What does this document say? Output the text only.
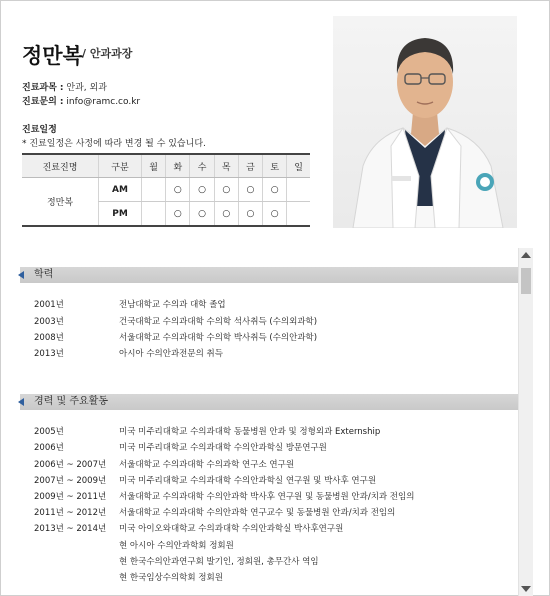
정만복 / 안과과장
진료과목 : 안과, 외과
진료문의 : info@ramc.co.kr
진료일정
* 진료일정은 사정에 따라 변경 될 수 있습니다.
진료진명	구분	월	화	수	목	금	토	일
정만복	AM		○	○	○	○	○	
	PM		○	○	○	○	○	
학력
2001년	전남대학교 수의과 대학 졸업
2003년	건국대학교 수의과대학 수의학 석사취득 (수의외과학)
2008년	서울대학교 수의과대학 수의학 박사취득 (수의안과학)
2013년	아시아 수의안과전문의 취득
경력 및 주요활동
2005년	미국 미주리대학교 수의과대학 동물병원 안과 및 정형외과 Externship
2006년	미국 미주리대학교 수의과대학 수의안과학실 방문연구원
2006년 ~ 2007년 서울대학교 수의과대학 수의과학 연구소 연구원
2007년 ~ 2009년 미국 미주리대학교 수의과대학 수의안과학실 연구원 및 박사후 연구원
2009년 ~ 2011년 서울대학교 수의과대학 수의안과학 박사후 연구원 및 동물병원 안과/치과 전임의
2011년 ~ 2012년 서울대학교 수의과대학 수의안과학 연구교수 및 동물병원 안과/치과 전임의
2013년 ~ 2014년 미국 아이오와대학교 수의과대학 수의안과학실 박사후연구원
현 아시아 수의안과학회 정회원
현 한국수의안과연구회 발기인, 정회원, 총무간사 역임
현 한국임상수의학회 정회원
